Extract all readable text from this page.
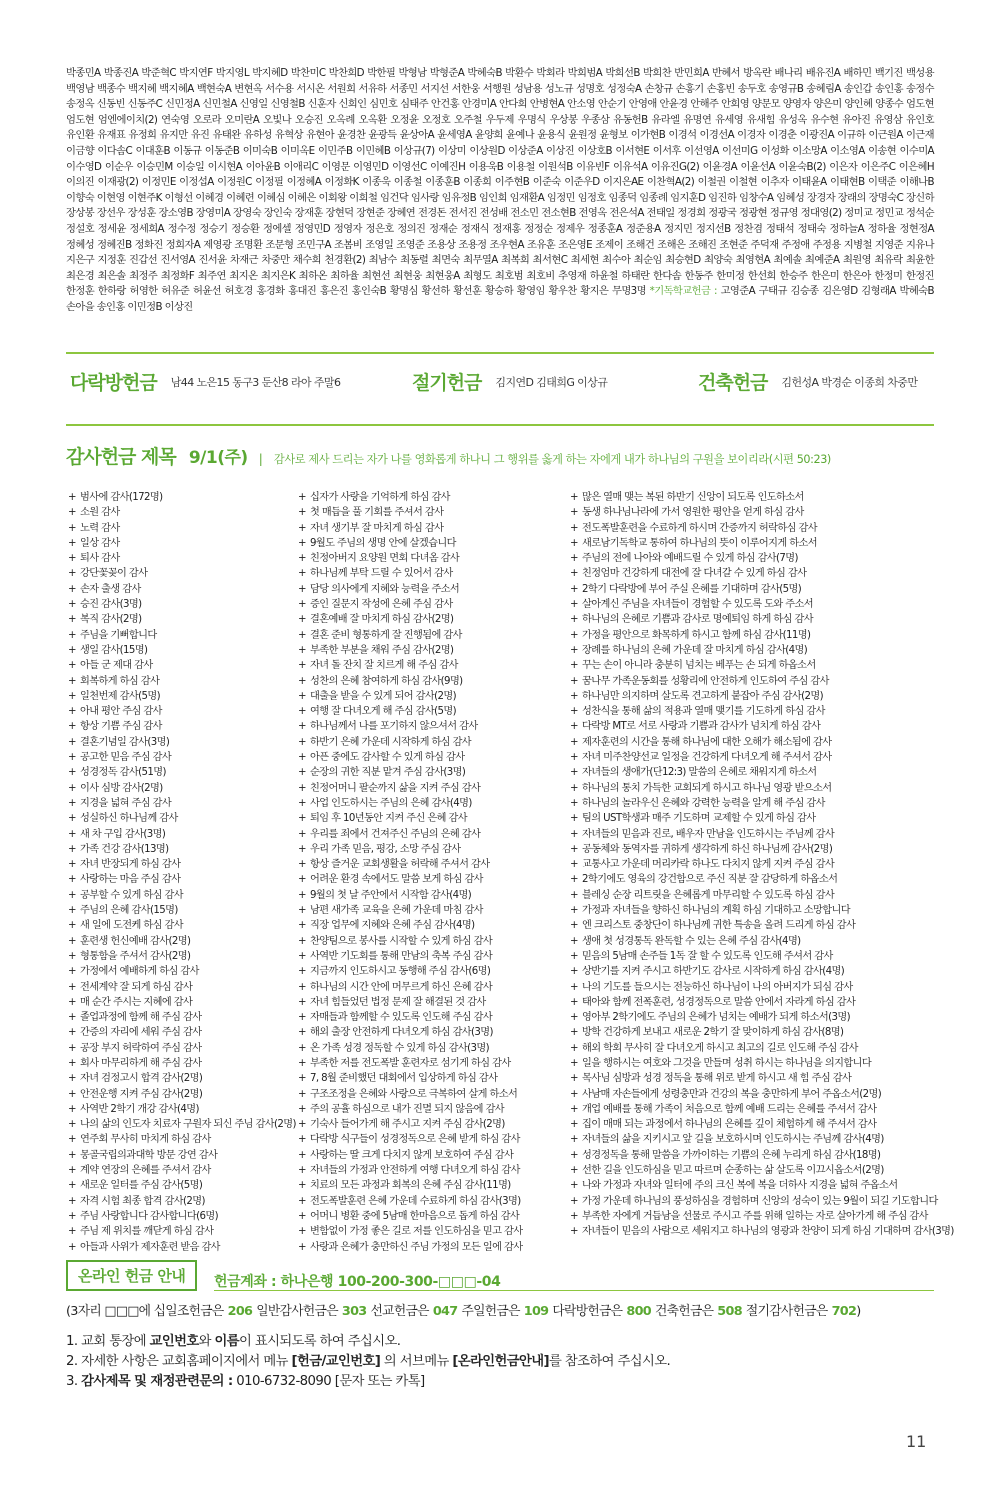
박종민A 박종진A 박준혁C 박지연F 박지영L 박지혜D 박찬미C 박찬희D 박한필 박형남 박형준A 박혜숙B 박환수 박회라 박희범A 박희선B 박희찬 반민희A 반혜서 방옥란 배나리 배유진A 배하민 백기진 백성용 백영남 백종수 백지혜 백지혜A 백현숙A 변현옥 서수용 서시온 서원희 서유하 서종민 서지선 서한웅 서행원 성남용 성노규 성명호 성정숙A 손창규 손홍기 손홍빈 송두호 송영규B 송혜림A 송인갑 송인홍 송정수 송정옥 신동빈 신동주C 신민정A 신민철A 신영일 신영철B 신훈자 신희인 심민호 심태주 안건홍 안경미A 안다희 안병현A 안소영 안순기 안영애 안윤경 안해주 안희영 양문모 양영자 양은미 양인혜 양종수 엄도현 엄도현 엄엔에이치(2) 연숙영 오로라 오미란A 오빛나 오승진 오옥례 오옥환 오정윤 오정호 오주철 우두제 우명식 우상봉 우종삼 유동헌B 유라엘 유명연 유세영 유새힘 유성옥 유수현 유아진 유영삼 유인호 유인환 유재표 유정희 유지만 유진 유태완 유하성 유혁상 유현아 윤경찬 윤광득 윤상아A 윤세영A 윤양희 윤예나 윤용식 윤원정 윤형보 이가현B 이경석 이경선A 이경자 이경춘 이광진A 이규하 이근원A 이근재 이금향 이다솜C 이대훈B 이동규 이동준B 이미숙B 이미옥E 이민주B 이민혜B 이상규(7) 이상미 이상원D 이상준A 이상진 이상호B 이서현E 이서후 이선영A 이선미G 이성화 이소망A 이소영A 이송현 이수미A 이수영D 이순우 이승민M 이승일 이시현A 이아윤B 이애리C 이영문 이영민D 이영선C 이예진H 이용욱B 이용철 이원석B 이유빈F 이유석A 이유진G(2) 이윤경A 이윤선A 이윤숙B(2) 이은자 이은주C 이은혜H 이의진 이재광(2) 이정민E 이정섭A 이정원C 이정필 이정혜A 이정화K 이종욱 이종철 이종훈B 이종희 이주현B 이준숙 이준우D 이지은AE 이찬혁A(2) 이철권 이철현 이추자 이태윤A 이태현B 이택준 이해나B 이향숙 이현영 이현주K 이형선 이혜경 이혜련 이혜심 이혜은 이회왕 이희철 임건닥 임사랑 임유정B 임인희 임재환A 임정민 임정호 임종덕 임종례 임지훈D 임진하 임창수A 임혜성 장경자 장래의 장명숙C 장신하 장상봉 장선우 장성훈 장소영B 장영미A 장영숙 장인숙 장재훈 장현덕 장현준 장혜연 전경돈 전서진 전성배 전소민 전소현B 전영옥 전은석A 전태일 정경희 정광국 정광현 정규영 정대영(2) 정미교 정민교 정석순 정설호 정세윤 정세희A 정수정 정승기 정승환 정에셀 정영민D 정영자 정은호 정의진 정재순 정재식 정재홍 정정순 정제우 정종훈A 정준용A 정지민 정지선B 정찬겸 정태석 정태숙 정하늘A 정하율 정현정A 정혜성 정혜진B 정화진 정희자A 제영광 조명환 조문형 조민구A 조봄비 조영일 조영준 조용상 조용정 조우현A 조유훈 조은영E 조제이 조해건 조해은 조해진 조현준 주덕재 주정애 주정용 지병철 지영준 지유나 지은구 지정훈 진갑선 진서영A 진서윤 차재근 차중만 채수희 천경환(2) 최남수 최동렬 최면숙 최무열A 최복희 최서현C 최세현 최수아 최순임 최승현D 최양숙 최영현A 최예솔 최예준A 최원영 최유락 최윤한 최은경 최은솔 최정주 최정화F 최주연 최지온 최지은K 최하온 최하율 최현선 최현웅 최현웅A 최형도 최호범 최호비 추영재 하윤철 하태란 한다솜 한동주 한미정 한선희 한승주 한은미 한은아 한정미 한정진 한정훈 한하랑 허영한 허유준 허윤선 허호경 홍경화 홍대진 홍은진 홍인숙B 황명심 황선하 황선훈 황승하 황영임 황우찬 황지은 무명3명 *기독학교헌금 : 고영준A 구태규 김승종 김은영D 김형래A 박혜숙B 손아을 송인홍 이민정B 이상진
다락방헌금 남44 노은15 동구3 둔산8 라아 주말6	절기헌금 김지연D 김태희G 이상규	건축헌금 김헌성A 박경순 이종희 차중만
감사헌금 제목 9/1(주) | 감사로 제사 드리는 자가 나를 영화롭게 하나니 그 행위를 옳게 하는 자에게 내가 하나님의 구원을 보이리라(시편 50:23)
+ 범사에 감사(172명)
+ 소원 감사
+ 노력 감사
+ 일상 감사
+ 퇴사 감사
+ 강단꽃꽂이 감사
+ 손자 출생 감사
+ 승진 감사(3명)
+ 복직 감사(2명)
+ 주님을 기뻐합니다
+ 생일 감사(15명)
+ 아들 군 제대 감사
+ 회복하게 하심 감사
+ 일천번제 감사(5명)
+ 아내 평안 주심 감사
+ 항상 기쁨 주심 감사
+ 결혼기념일 감사(3명)
+ 공고한 믿음 주심 감사
+ 성경정독 감사(51명)
+ 이사 심방 감사(2명)
+ 지경을 넓혀 주심 감사
+ 성실하신 하나님께 감사
+ 새 차 구입 감사(3명)
+ 가족 건강 감사(13명)
+ 자녀 반장되게 하심 감사
+ 사랑하는 마음 주심 감사
+ 공부할 수 있게 하심 감사
+ 주님의 은혜 감사(15명)
+ 새 일에 도전케 하심 감사
+ 훈련생 헌신예배 감사(2명)
+ 형통함을 주셔서 감사(2명)
+ 가정에서 예배하게 하심 감사
+ 전세계약 잘 되게 하심 감사
+ 매 순간 주시는 지혜에 감사
+ 졸업과정에 함께 해 주심 감사
+ 간증의 자리에 세워 주심 감사
+ 공장 부지 허락하여 주심 감사
+ 회사 마무리하게 해 주심 감사
+ 자녀 검정고시 합격 감사(2명)
+ 안전운행 지켜 주심 감사(2명)
+ 사역반 2학기 개강 감사(4명)
+ 나의 삶의 인도자 치료자 구원자 되신 주님 감사(2명)
+ 연주회 무사히 마치게 하심 감사
+ 몽골국립의과대학 방문 강연 감사
+ 계약 연장의 은혜를 주셔서 감사
+ 새로운 일터를 주심 감사(5명)
+ 자격 시험 최종 합격 감사(2명)
+ 주님 사랑합니다 감사합니다(6명)
+ 주님 제 위치를 깨닫게 하심 감사
+ 아들과 사위가 제자훈련 받음 감사
+ 십자가 사랑을 기억하게 하심 감사
+ 첫 매듭을 풀 기회를 주셔서 감사
+ 자녀 생기부 잘 마치게 하심 감사
+ 9월도 주님의 생명 안에 살겠습니다
+ 친정아버지 요양원 면회 다녀옴 감사
+ 하나님께 부탁 드릴 수 있어서 감사
+ 담당 의사에게 지혜와 능력을 주소서
+ 증인 질문지 작성에 은혜 주심 감사
+ 결혼예배 잘 마치게 하심 감사(2명)
+ 결혼 준비 형통하게 잘 진행됨에 감사
+ 부족한 부분을 채워 주심 감사(2명)
+ 자녀 돌 잔치 잘 치르게 해 주심 감사
+ 성찬의 은혜 참여하게 하심 감사(9명)
+ 대출을 받을 수 있게 되어 감사(2명)
+ 여행 잘 다녀오게 해 주심 감사(5명)
+ 하나님께서 나를 포기하지 않으셔서 감사
+ 하반기 은혜 가운데 시작하게 하심 감사
+ 아픈 중에도 감사할 수 있게 하심 감사
+ 순장의 귀한 직분 맡겨 주심 감사(3명)
+ 친정어머니 팔순까지 삶을 지켜 주심 감사
+ 사업 인도하시는 주님의 은혜 감사(4명)
+ 퇴임 후 10년동안 지켜 주신 은혜 감사
+ 우리를 죄에서 건져주신 주님의 은혜 감사
+ 우리 가족 믿음, 평강, 소망 주심 감사
+ 항상 즐거운 교회생활을 허락해 주셔서 감사
+ 어려운 환경 속에서도 말씀 보게 하심 감사
+ 9월의 첫 날 주안에서 시작함 감사(4명)
+ 남편 새가족 교육을 은혜 가운데 마침 감사
+ 직장 업무에 지혜와 은혜 주심 감사(4명)
+ 찬양팀으로 봉사를 시작할 수 있게 하심 감사
+ 사역반 기도회를 통해 만남의 축복 주심 감사
+ 지금까지 인도하시고 동행해 주심 감사(6명)
+ 하나님의 시간 안에 머무르게 하신 은혜 감사
+ 자녀 힘들었던 법정 문제 잘 해결된 것 감사
+ 자매들과 함께할 수 있도록 인도해 주심 감사
+ 해외 출장 안전하게 다녀오게 하심 감사(3명)
+ 온 가족 성경 정독할 수 있게 하심 감사(3명)
+ 부족한 저를 전도폭발 훈련자로 섬기게 하심 감사
+ 7, 8월 준비했던 대회에서 입상하게 하심 감사
+ 구조조정을 은혜와 사랑으로 극복하여 살게 하소서
+ 주의 공휼 하심으로 내가 진멸 되지 않음에 감사
+ 기숙사 들어가게 해 주시고 지켜 주심 감사(2명)
+ 다락방 식구들이 성경정독으로 은혜 받게 하심 감사
+ 사랑하는 딸 크게 다치지 않게 보호하여 주심 감사
+ 자녀들의 가정과 안전하게 여행 다녀오게 하심 감사
+ 치료의 모든 과정과 회복의 은혜 주심 감사(11명)
+ 전도폭발훈련 은혜 가운데 수료하게 하심 감사(3명)
+ 어머니 병환 중에 5남매 한마음으로 돕게 하심 감사
+ 변함없이 가정 좋은 길로 저를 인도하심을 믿고 감사
+ 사랑과 은혜가 충만하신 주님 가정의 모든 일에 감사
+ 많은 열매 맺는 복된 하반기 신앙이 되도록 인도하소서
+ 동생 하나님나라에 가서 영원한 평안을 얻게 하심 감사
+ 전도폭발훈련을 수료하게 하시며 간증까지 허락하심 감사
+ 새로남기독학교 통하여 하나님의 뜻이 이루어지게 하소서
+ 주님의 전에 나아와 예배드릴 수 있게 하심 감사(7명)
+ 친정엄마 건강하게 대전에 잘 다녀갈 수 있게 하심 감사
+ 2학기 다락방에 부어 주실 은혜를 기대하며 감사(5명)
+ 살아계신 주님을 자녀들이 경험할 수 있도록 도와 주소서
+ 하나님의 은혜로 기쁨과 감사로 명예퇴임 하게 하심 감사
+ 가정을 평안으로 화목하게 하시고 함께 하심 감사(11명)
+ 장례를 하나님의 은혜 가운데 잘 마치게 하심 감사(4명)
+ 꾸는 손이 아니라 충분히 넘치는 베푸는 손 되게 하옵소서
+ 꿈나무 가족운동회를 성황리에 안전하게 인도하여 주심 감사
+ 하나님만 의지하며 살도록 견고하게 붙잡아 주심 감사(2명)
+ 성찬식을 통해 삶의 적용과 열매 맺기를 기도하게 하심 감사
+ 다락방 MT로 서로 사랑과 기쁨과 감사가 넘치게 하심 감사
+ 제자훈련의 시간을 통해 하나님에 대한 오해가 해소됨에 감사
+ 자녀 미주찬양선교 일정을 건강하게 다녀오게 해 주셔서 감사
+ 자녀들의 생애가(단12:3) 말씀의 은혜로 채워지게 하소서
+ 하나님의 통치 가득한 교회되게 하시고 하나님 영광 받으소서
+ 하나님의 놀라우신 은혜와 강력한 능력을 알게 해 주심 감사
+ 팀의 UST학생과 매주 기도하며 교제할 수 있게 하심 감사
+ 자녀들의 믿음과 진로, 배우자 만남을 인도하시는 주님께 감사
+ 공동체와 동역자를 귀하게 생각하게 하신 하나님께 감사(2명)
+ 교통사고 가운데 머리카락 하나도 다치지 않게 지켜 주심 감사
+ 2학기에도 영육의 강건함으로 주신 직분 잘 감당하게 하옵소서
+ 블레싱 순장 리트릿을 은혜롭게 마무리할 수 있도록 하심 감사
+ 가정과 자녀들을 향하신 하나님의 계획 하심 기대하고 소망합니다
+ 엔 크리스토 중창단이 하나님께 귀한 특송을 올려 드리게 하심 감사
+ 생애 첫 성경통독 완독할 수 있는 은혜 주심 감사(4명)
+ 믿음의 5남매 손주들 1독 잘 할 수 있도록 인도해 주셔서 감사
+ 상반기를 지켜 주시고 하반기도 감사로 시작하게 하심 감사(4명)
+ 나의 기도를 들으시는 전능하신 하나님이 나의 아버지가 되심 감사
+ 태아와 함께 전폭훈련, 성경정독으로 말씀 안에서 자라게 하심 감사
+ 영아부 2학기에도 주님의 은혜가 넘치는 예배가 되게 하소서(3명)
+ 방학 건강하게 보내고 새로운 2학기 잘 맞이하게 하심 감사(8명)
+ 해외 학회 무사히 잘 다녀오게 하시고 최고의 길로 인도해 주심 감사
+ 일을 행하시는 여호와 그것을 만들며 성취 하시는 하나님을 의지합니다
+ 목사님 심방과 성경 정독을 통해 위로 받게 하시고 새 힘 주심 감사
+ 사남매 자손들에게 성령충만과 건강의 복을 충만하게 부어 주옵소서(2명)
+ 개업 예배를 통해 가족이 처음으로 함께 예배 드리는 은혜를 주셔서 감사
+ 집이 매매 되는 과정에서 하나님의 은혜를 깊이 체험하게 해 주셔서 감사
+ 자녀들의 삶을 지키시고 앞 길을 보호하시며 인도하시는 주님께 감사(4명)
+ 성경정독을 통해 말씀을 가까이하는 기쁨의 은혜 누리게 하심 감사(18명)
+ 선한 길을 인도하심을 믿고 따르며 순종하는 삶 살도록 이끄시옵소서(2명)
+ 나와 가정과 자녀와 일터에 주의 크신 복에 복을 더하사 지경을 넓혀 주옵소서
+ 가정 가운데 하나님의 풍성하심을 경험하며 신앙의 성숙이 있는 9월이 되길 기도합니다
+ 부족한 자에게 거듭남을 선물로 주시고 주를 위해 일하는 자로 살아가게 해 주심 감사
+ 자녀들이 믿음의 사람으로 세워지고 하나님의 영광과 찬양이 되게 하심 기대하며 감사(3명)
온라인 헌금 안내	헌금계좌 : 하나은행 100-200-300-□□□-04
(3자리 □□□에 십일조헌금은 206 일반감사헌금은 303 선교헌금은 047 주일헌금은 109 다락방헌금은 800 건축헌금은 508 절기감사헌금은 702)

1. 교회 통장에 교인번호와 이름이 표시되도록 하여 주십시오.

2. 자세한 사항은 교회홈페이지에서 메뉴 [헌금/교인번호] 의 서브메뉴 [온라인헌금안내]를 참조하여 주십시오.

3. 감사제목 및 재정관련문의 : 010-6732-8090 [문자 또는 카톡]

11
